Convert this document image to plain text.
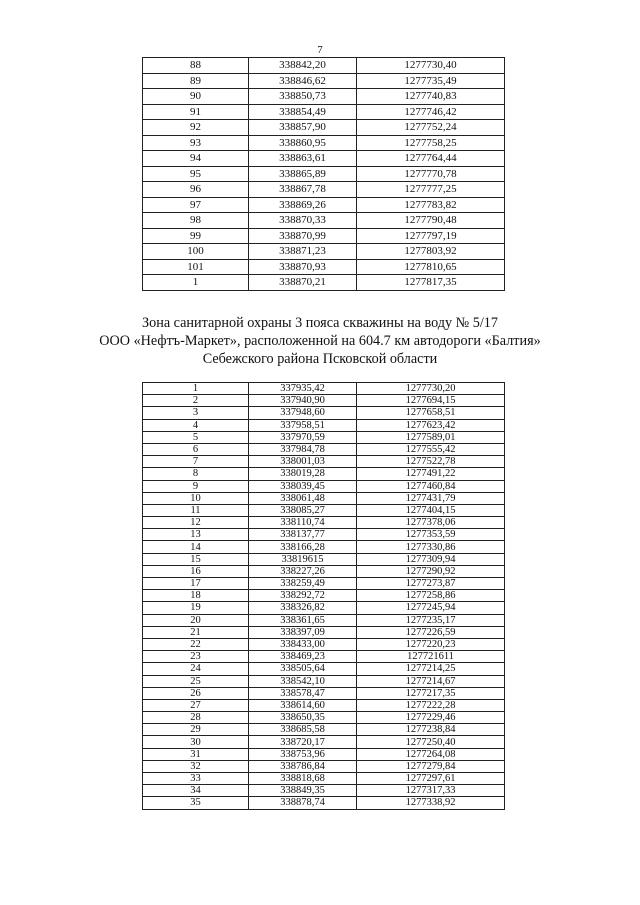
7
88	338842,20	1277730,40
89	338846,62	1277735,49
90	338850,73	1277740,83
91	338854,49	1277746,42
92	338857,90	1277752,24
93	338860,95	1277758,25
94	338863,61	1277764,44
95	338865,89	1277770,78
96	338867,78	1277777,25
97	338869,26	1277783,82
98	338870,33	1277790,48
99	338870,99	1277797,19
100	338871,23	1277803,92
101	338870,93	1277810,65
1	338870,21	1277817,35
Зона санитарной охраны 3 пояса скважины на воду № 5/17
ООО «Нефтъ-Маркет», расположенной на 604.7 км автодороги «Балтия»
Себежского района Псковской области
1	337935,42	1277730,20
2	337940,90	1277694,15
3	337948,60	1277658,51
4	337958,51	1277623,42
5	337970,59	1277589,01
6	337984,78	1277555,42
7	338001,03	1277522,78
8	338019,28	1277491,22
9	338039,45	1277460,84
10	338061,48	1277431,79
11	338085,27	1277404,15
12	338110,74	1277378,06
13	338137,77	1277353,59
14	338166,28	1277330,86
15	33819615	1277309,94
16	338227,26	1277290,92
17	338259,49	1277273,87
18	338292,72	1277258,86
19	338326,82	1277245,94
20	338361,65	1277235,17
21	338397,09	1277226,59
22	338433,00	1277220,23
23	338469,23	127721611
24	338505,64	1277214,25
25	338542,10	1277214,67
26	338578,47	1277217,35
27	338614,60	1277222,28
28	338650,35	1277229,46
29	338685,58	1277238,84
30	338720,17	1277250,40
31	338753,96	1277264,08
32	338786,84	1277279,84
33	338818,68	1277297,61
34	338849,35	1277317,33
35	338878,74	1277338,92
